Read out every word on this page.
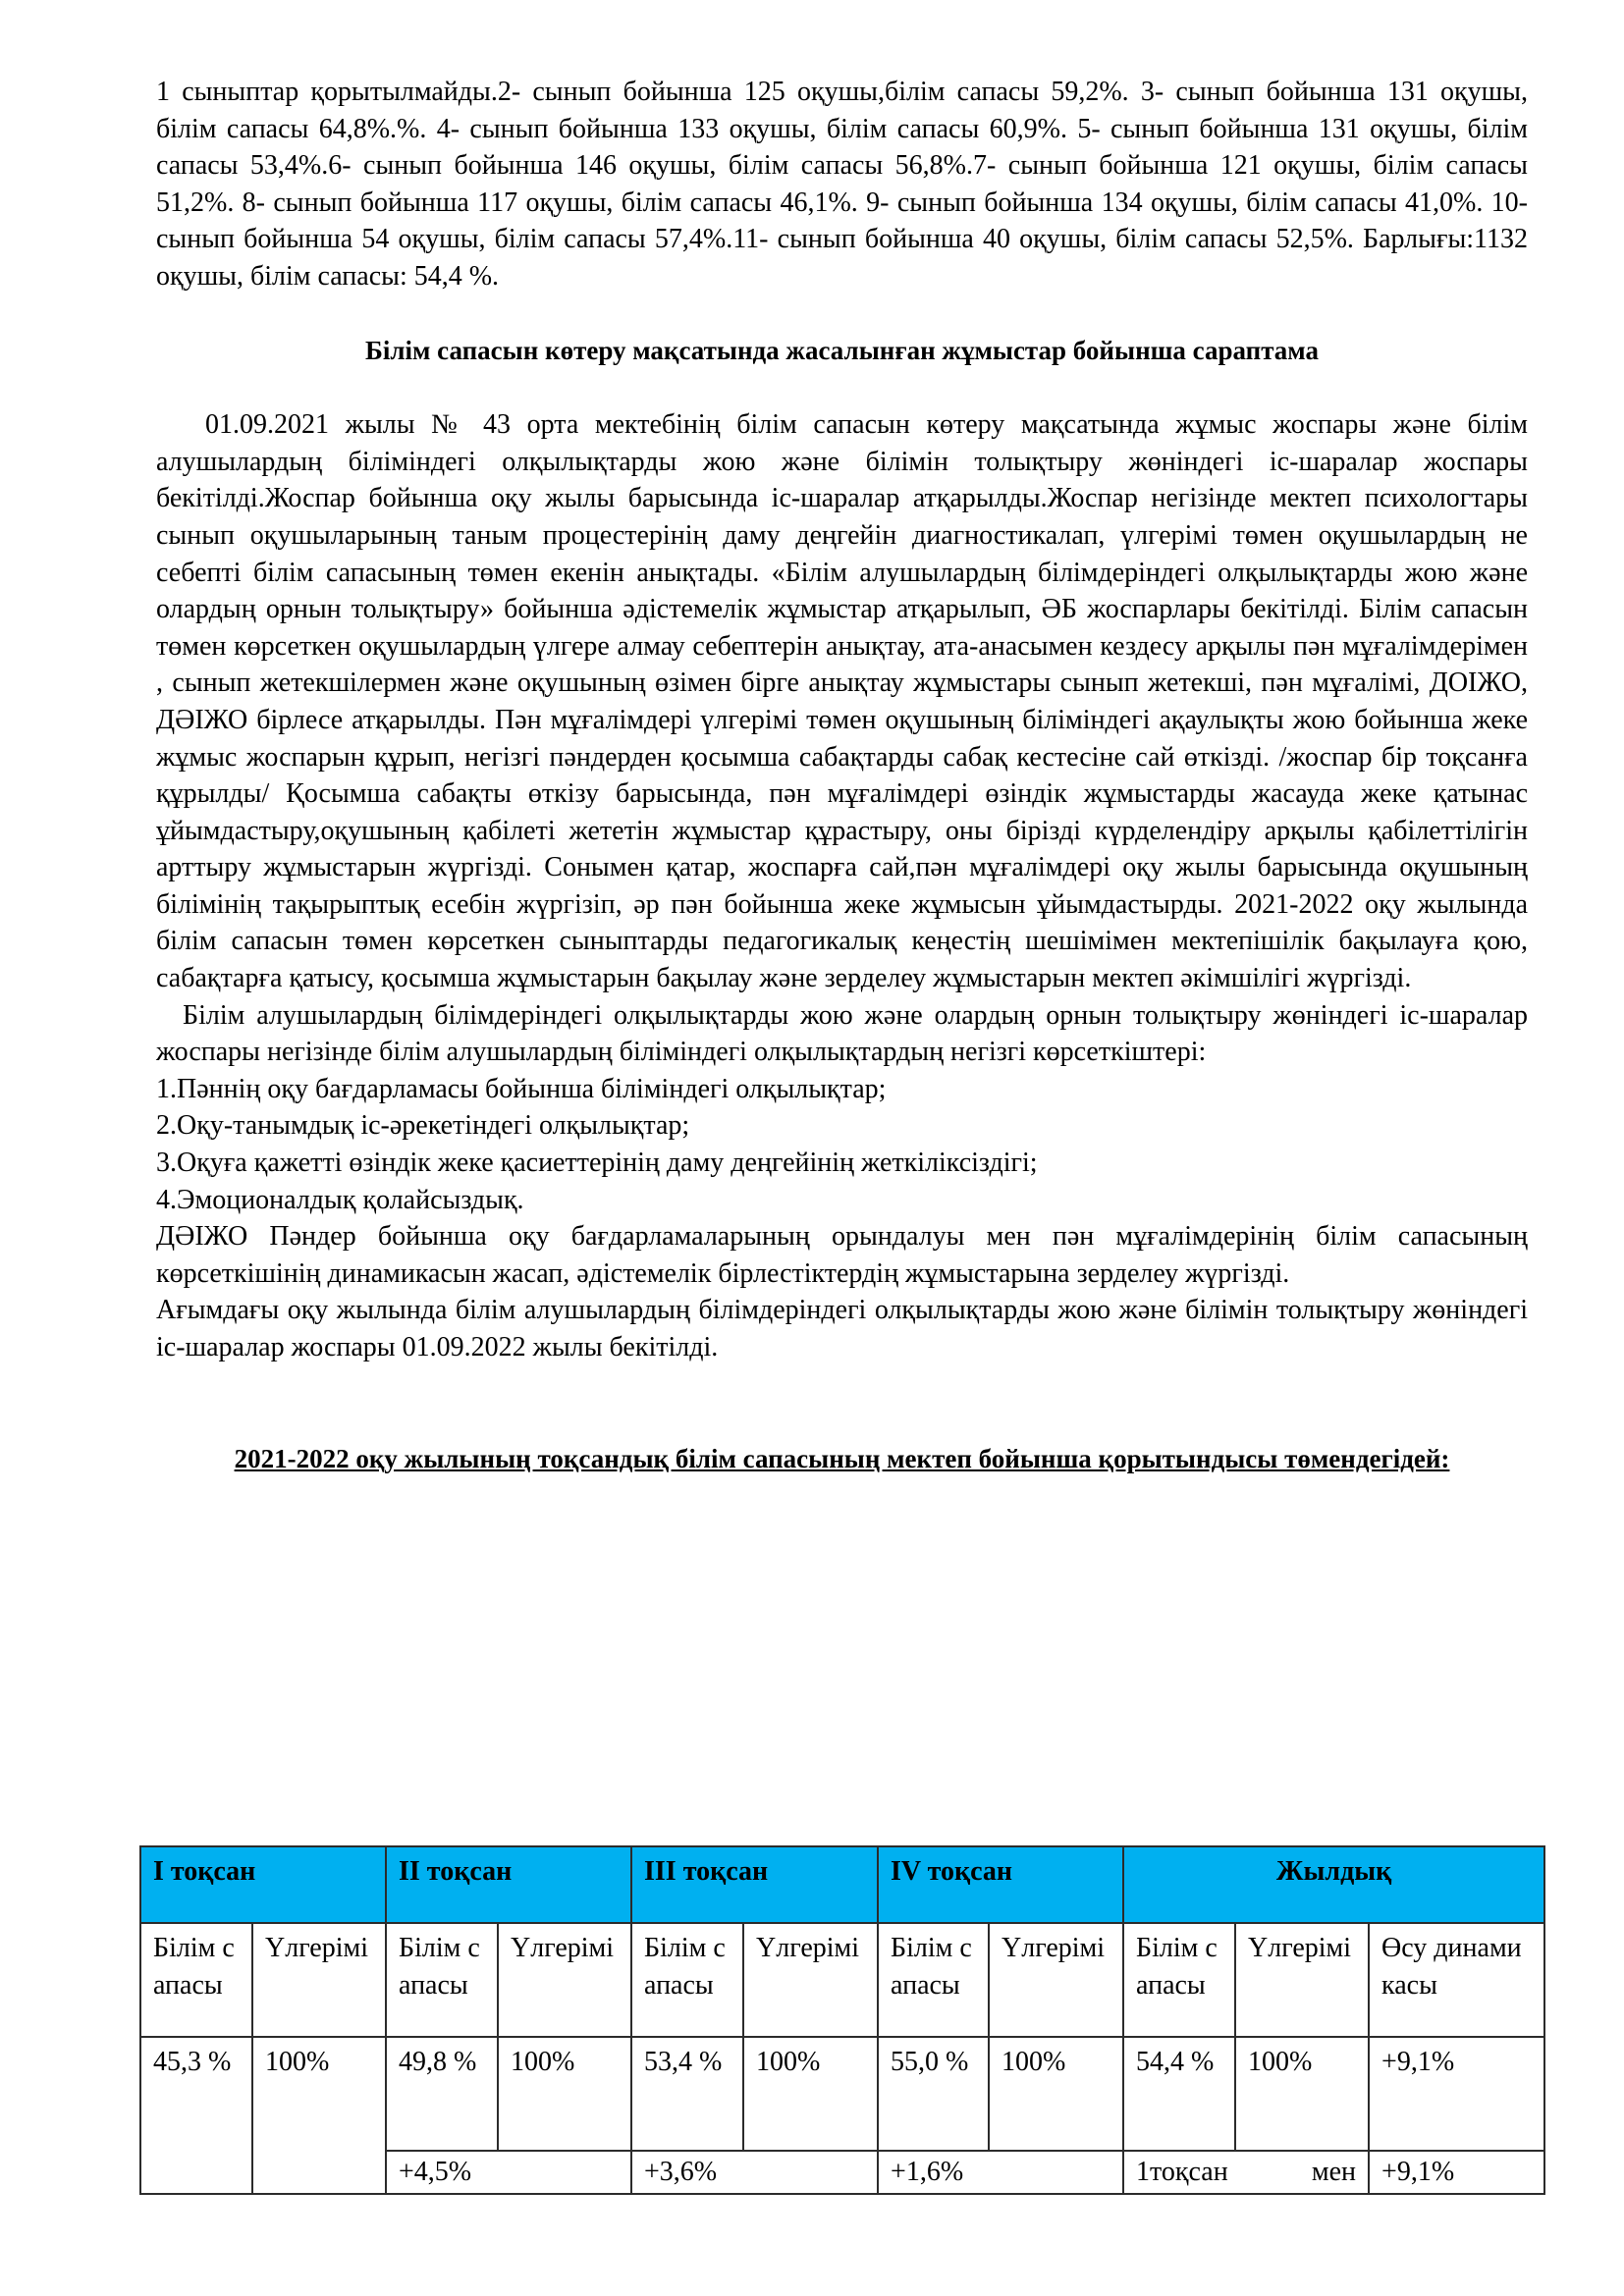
1 сыныптар қорытылмайды.2- сынып бойынша 125 оқушы,білім сапасы 59,2%. 3- сынып бойынша 131 оқушы, білім сапасы 64,8%.%. 4- сынып бойынша 133 оқушы, білім сапасы 60,9%. 5- сынып бойынша 131 оқушы, білім сапасы 53,4%.6- сынып бойынша 146 оқушы, білім сапасы 56,8%.7- сынып бойынша 121 оқушы, білім сапасы 51,2%. 8- сынып бойынша 117 оқушы, білім сапасы 46,1%. 9- сынып бойынша 134 оқушы, білім сапасы 41,0%. 10- сынып бойынша 54 оқушы, білім сапасы 57,4%.11- сынып бойынша 40 оқушы, білім сапасы 52,5%. Барлығы:1132 оқушы, білім сапасы: 54,4 %.

Білім сапасын көтеру мақсатында жасалынған жұмыстар бойынша сараптама

01.09.2021 жылы № 43 орта мектебінің білім сапасын көтеру мақсатында жұмыс жоспары және білім алушылардың біліміндегі олқылықтарды жою және білімін толықтыру жөніндегі іс-шаралар жоспары бекітілді.Жоспар бойынша оқу жылы барысында іс-шаралар атқарылды.Жоспар негізінде мектеп психологтары сынып оқушыларының таным процестерінің даму деңгейін диагностикалап, үлгерімі төмен оқушылардың не себепті білім сапасының төмен екенін анықтады. «Білім алушылардың білімдеріндегі олқылықтарды жою және олардың орнын толықтыру» бойынша әдістемелік жұмыстар атқарылып, ӘБ жоспарлары бекітілді. Білім сапасын төмен көрсеткен оқушылардың үлгере алмау себептерін анықтау, ата-анасымен кездесу арқылы пән мұғалімдерімен , сынып жетекшілермен және оқушының өзімен бірге анықтау жұмыстары сынып жетекші, пән мұғалімі, ДОІЖО, ДӘІЖО бірлесе атқарылды. Пән мұғалімдері үлгерімі төмен оқушының біліміндегі ақаулықты жою бойынша жеке жұмыс жоспарын құрып, негізгі пәндерден қосымша сабақтарды сабақ кестесіне сай өткізді. /жоспар бір тоқсанға құрылды/ Қосымша сабақты өткізу барысында, пән мұғалімдері өзіндік жұмыстарды жасауда жеке қатынас ұйымдастыру,оқушының қабілеті жететін жұмыстар құрастыру, оны бірізді күрделендіру арқылы қабілеттілігін арттыру жұмыстарын жүргізді. Сонымен қатар, жоспарға сай,пән мұғалімдері оқу жылы барысында оқушының білімінің тақырыптық есебін жүргізіп, әр пән бойынша жеке жұмысын ұйымдастырды. 2021-2022 оқу жылында білім сапасын төмен көрсеткен сыныптарды педагогикалық кеңестің шешімімен мектепішілік бақылауға қою, сабақтарға қатысу, қосымша жұмыстарын бақылау және зерделеу жұмыстарын мектеп әкімшілігі жүргізді.

Білім алушылардың білімдеріндегі олқылықтарды жою және олардың орнын толықтыру жөніндегі іс-шаралар жоспары негізінде білім алушылардың біліміндегі олқылықтардың негізгі көрсеткіштері:

1.Пәннің оқу бағдарламасы бойынша біліміндегі олқылықтар;

2.Оқу-танымдық іс-әрекетіндегі олқылықтар;

3.Оқуға қажетті өзіндік жеке қасиеттерінің даму деңгейінің жеткіліксіздігі;

4.Эмоционалдық қолайсыздық.

ДӘІЖО Пәндер бойынша оқу бағдарламаларының орындалуы мен пән мұғалімдерінің білім сапасының көрсеткішінің динамикасын жасап, әдістемелік бірлестіктердің жұмыстарына зерделеу жүргізді.

Ағымдағы оқу жылында білім алушылардың білімдеріндегі олқылықтарды жою және білімін толықтыру жөніндегі іс-шаралар жоспары 01.09.2022 жылы бекітілді.

2021-2022 оқу жылының тоқсандық білім сапасының мектеп бойынша қорытындысы төмендегідей:

I тоқсан		II тоқсан		III тоқсан		IV тоқсан		Жылдық		
Білім сапасы	Үлгерімі	Білім сапасы	Үлгерімі	Білім сапасы	Үлгерімі	Білім сапасы	Үлгерімі	Білім сапасы	Үлгерімі	Өсу динамикасы
45,3 %	100%	49,8 %	100%	53,4 %	100%	55,0 %	100%	54,4 %	100%	+9,1%
		+4,5%		+3,6%		+1,6%		1тоқсан мен		+9,1%
